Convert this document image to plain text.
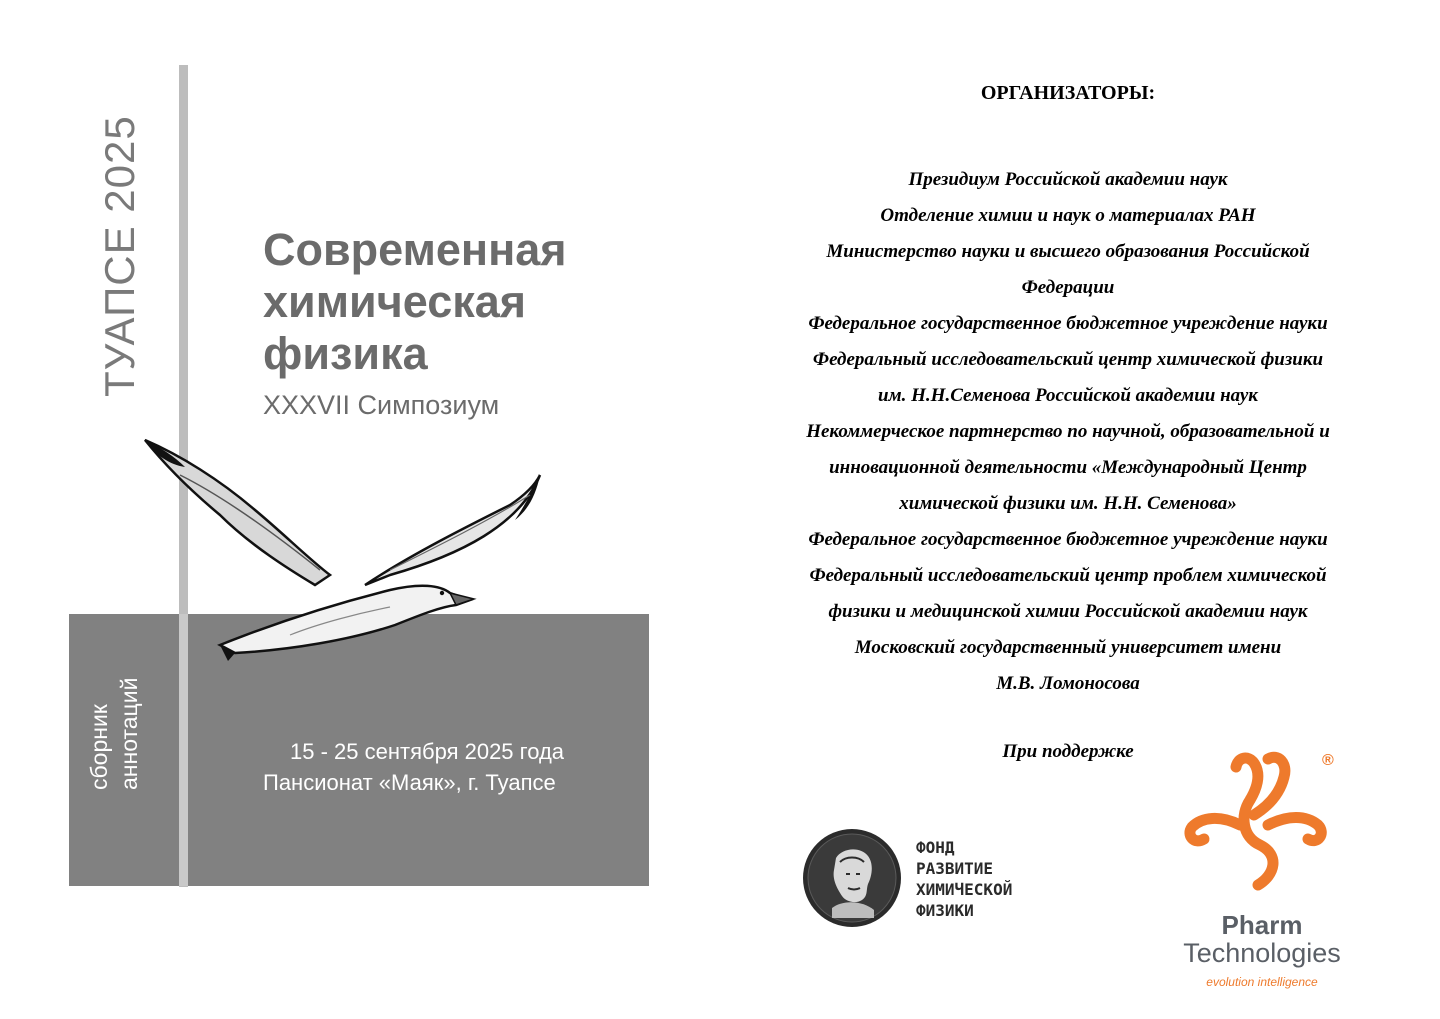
ТУАПСЕ 2025	Современная
химическая
физика
XXXVII Симпозиум
сборник аннотаций	15 - 25 сентября 2025 года
Пансионат «Маяк», г. Туапсе
ОРГАНИЗАТОРЫ:
Президиум Российской академии наук
Отделение химии и наук о материалах РАН
Министерство науки и высшего образования Российской
Федерации
Федеральное государственное бюджетное учреждение науки
Федеральный исследовательский центр химической физики
им. Н.Н.Семенова Российской академии наук
Некоммерческое партнерство по научной, образовательной и
инновационной деятельности «Международный Центр
химической физики им. Н.Н. Семенова»
Федеральное государственное бюджетное учреждение науки
Федеральный исследовательский центр проблем химической
физики и медицинской химии Российской академии наук
Московский государственный университет имени
М.В. Ломоносова
При поддержке
ФОНД
РАЗВИТИЕ
ХИМИЧЕСКОЙ
ФИЗИКИ
®
Pharm
Technologies
evolution intelligence
